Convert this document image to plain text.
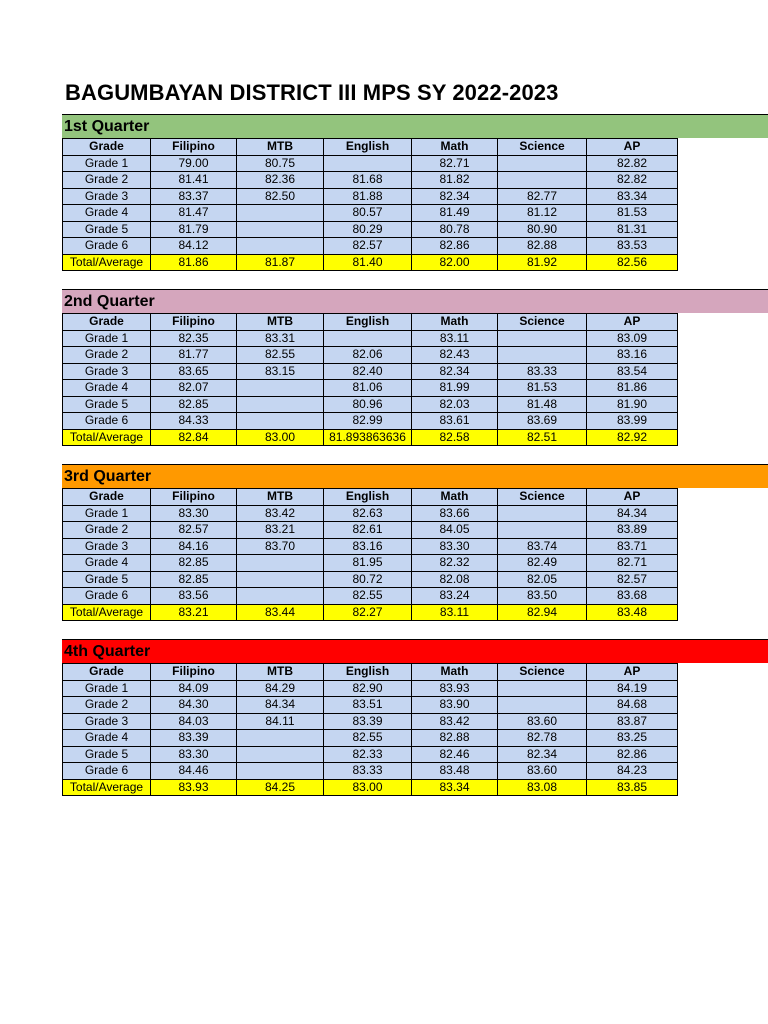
BAGUMBAYAN DISTRICT III MPS SY 2022-2023
1st Quarter
Grade	Filipino	MTB	English	Math	Science	AP
Grade 1	79.00	80.75		82.71		82.82
Grade 2	81.41	82.36	81.68	81.82		82.82
Grade 3	83.37	82.50	81.88	82.34	82.77	83.34
Grade 4	81.47		80.57	81.49	81.12	81.53
Grade 5	81.79		80.29	80.78	80.90	81.31
Grade 6	84.12		82.57	82.86	82.88	83.53
Total/Average	81.86	81.87	81.40	82.00	81.92	82.56
2nd Quarter
Grade	Filipino	MTB	English	Math	Science	AP
Grade 1	82.35	83.31		83.11		83.09
Grade 2	81.77	82.55	82.06	82.43		83.16
Grade 3	83.65	83.15	82.40	82.34	83.33	83.54
Grade 4	82.07		81.06	81.99	81.53	81.86
Grade 5	82.85		80.96	82.03	81.48	81.90
Grade 6	84.33		82.99	83.61	83.69	83.99
Total/Average	82.84	83.00	81.893863636	82.58	82.51	82.92
3rd Quarter
Grade	Filipino	MTB	English	Math	Science	AP
Grade 1	83.30	83.42	82.63	83.66		84.34
Grade 2	82.57	83.21	82.61	84.05		83.89
Grade 3	84.16	83.70	83.16	83.30	83.74	83.71
Grade 4	82.85		81.95	82.32	82.49	82.71
Grade 5	82.85		80.72	82.08	82.05	82.57
Grade 6	83.56		82.55	83.24	83.50	83.68
Total/Average	83.21	83.44	82.27	83.11	82.94	83.48
4th Quarter
Grade	Filipino	MTB	English	Math	Science	AP
Grade 1	84.09	84.29	82.90	83.93		84.19
Grade 2	84.30	84.34	83.51	83.90		84.68
Grade 3	84.03	84.11	83.39	83.42	83.60	83.87
Grade 4	83.39		82.55	82.88	82.78	83.25
Grade 5	83.30		82.33	82.46	82.34	82.86
Grade 6	84.46		83.33	83.48	83.60	84.23
Total/Average	83.93	84.25	83.00	83.34	83.08	83.85
